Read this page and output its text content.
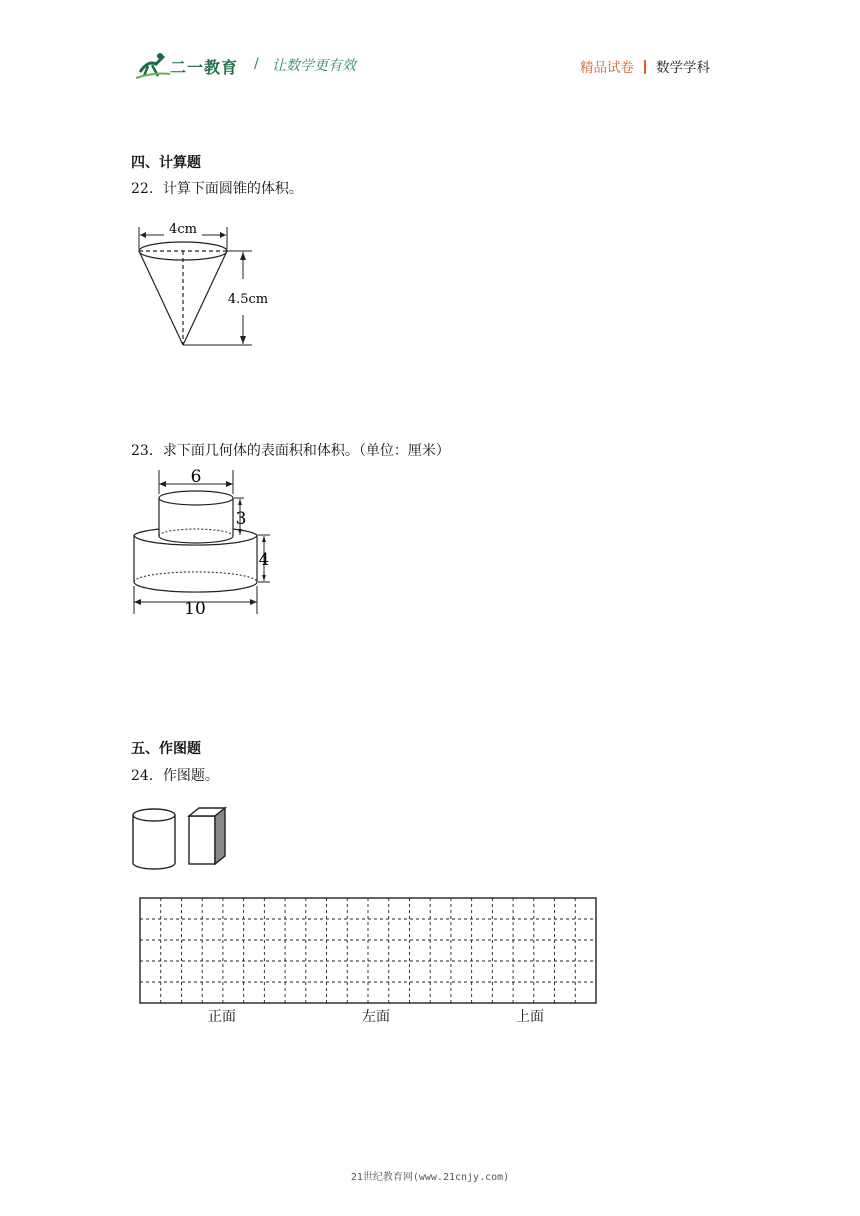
二一教育 / 让数学更有效	精品试卷 数学学科
四、计算题
22．计算下面圆锥的体积。
4cm
4.5cm
23．求下面几何体的表面积和体积。（单位：厘米）
6
3
4
10
五、作图题
24．作图题。
正面	左面	上面
21世纪教育网(www.21cnjy.com)
